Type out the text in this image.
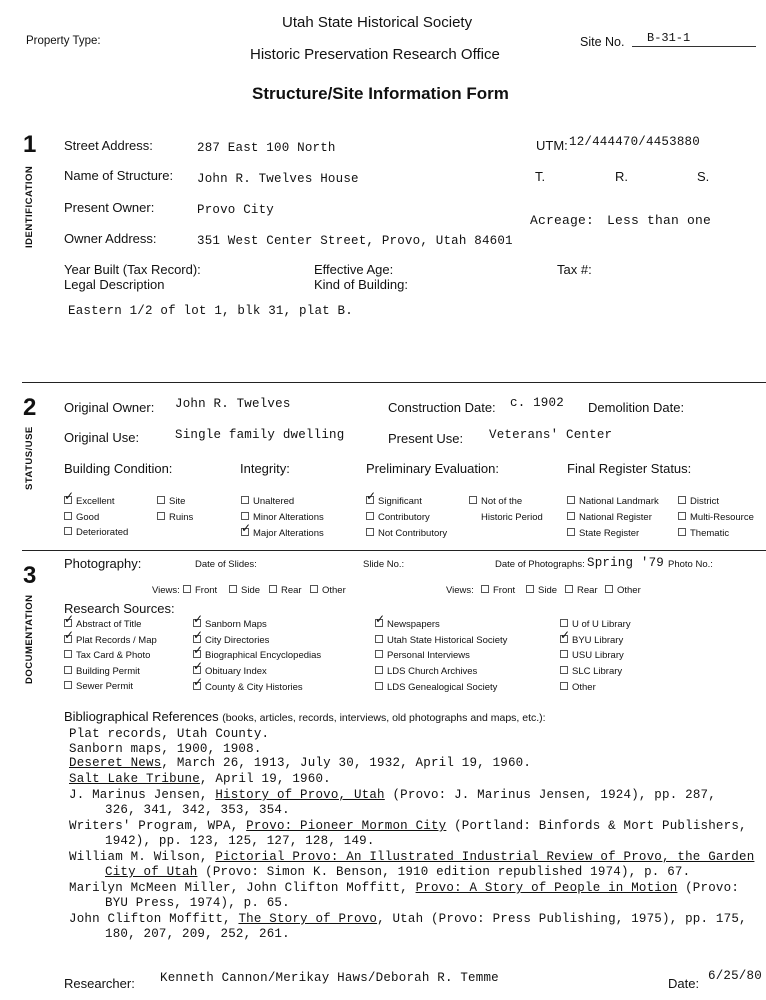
Utah State Historical Society
Property Type:
Historic Preservation Research Office
Site No. B-31-1
Structure/Site Information Form
1
IDENTIFICATION
Street Address:	287 East 100 North	UTM: 12/444470/4453880
Name of Structure: John R. Twelves House	T.	R.	S.
Present Owner:	Provo City
Acreage: Less than one
Owner Address:	351 West Center Street, Provo, Utah 84601
Year Built (Tax Record):	Effective Age:	Tax #:
Legal Description	Kind of Building:
Eastern 1/2 of lot 1, blk 31, plat B.
2
STATUS/USE
Original Owner: John R. Twelves	Construction Date: c. 1902 Demolition Date:
Original Use:	Single family dwelling	Present Use: Veterans' Center
Building Condition:	Integrity:	Preliminary Evaluation:	Final Register Status:
✓Excellent	Site
Good	Ruins
Deteriorated
Unaltered
Minor Alterations
✓Major Alterations
✓Significant
Contributory
Not Contributory
Not of the
Historic Period
National Landmark
National Register
State Register
District
Multi-Resource
Thematic
3
DOCUMENTATION
Photography:	Date of Slides:	Slide No.:	Date of Photographs: Spring '79 Photo No.:
Views:	Front	Side	Rear	Other	Views:	Front	Side	Rear	Other
Research Sources:
✓Abstract of Title
✓Plat Records / Map
Tax Card & Photo
Building Permit
Sewer Permit
✓Sanborn Maps
✓City Directories
✓Biographical Encyclopedias
✓Obituary Index
✓County & City Histories
✓Newspapers
Utah State Historical Society
Personal Interviews
LDS Church Archives
LDS Genealogical Society
U of U Library
✓BYU Library
USU Library
SLC Library
Other
Bibliographical References (books, articles, records, interviews, old photographs and maps, etc.):
Plat records, Utah County.
Sanborn maps, 1900, 1908.
Deseret News, March 26, 1913, July 30, 1932, April 19, 1960.
Salt Lake Tribune, April 19, 1960.
J. Marinus Jensen, History of Provo, Utah (Provo: J. Marinus Jensen, 1924), pp. 287,
326, 341, 342, 353, 354.
Writers' Program, WPA, Provo: Pioneer Mormon City (Portland: Binfords & Mort Publishers,
1942), pp. 123, 125, 127, 128, 149.
William M. Wilson, Pictorial Provo: An Illustrated Industrial Review of Provo, the Garden
City of Utah (Provo: Simon K. Benson, 1910 edition republished 1974), p. 67.
Marilyn McMeen Miller, John Clifton Moffitt, Provo: A Story of People in Motion (Provo:
BYU Press, 1974), p. 65.
John Clifton Moffitt, The Story of Provo, Utah (Provo: Press Publishing, 1975), pp. 175,
180, 207, 209, 252, 261.
Researcher: Kenneth Cannon/Merikay Haws/Deborah R. Temme	Date: 6/25/80
